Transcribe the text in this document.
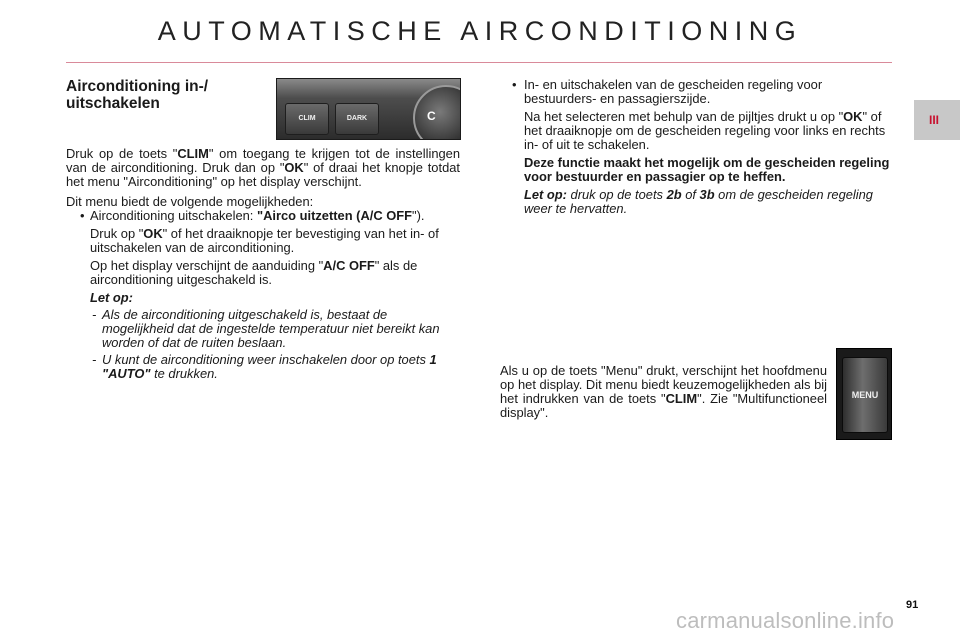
AUTOMATISCHE AIRCONDITIONING
III

Airconditioning in-/ uitschakelen

Druk op de toets "CLIM" om toegang te krijgen tot de instellingen van de airconditioning. Druk dan op "OK" of draai het knopje totdat het menu "Airconditioning" op het display verschijnt.

Dit menu biedt de volgende mogelijkheden:

• Airconditioning uitschakelen: "Airco uitzetten (A/C OFF").

Druk op "OK" of het draaiknopje ter bevestiging van het in- of uitschakelen van de airconditioning.

Op het display verschijnt de aanduiding "A/C OFF" als de airconditioning uitgeschakeld is.

Let op:

- Als de airconditioning uitgeschakeld is, bestaat de mogelijkheid dat de ingestelde temperatuur niet bereikt kan worden of dat de ruiten beslaan.

- U kunt de airconditioning weer inschakelen door op toets 1 "AUTO" te drukken.

CLIM	DARK	C

• In- en uitschakelen van de gescheiden regeling voor bestuurders- en passagierszijde.

Na het selecteren met behulp van de pijltjes drukt u op "OK" of het draaiknopje om de gescheiden regeling voor links en rechts in- of uit te schakelen.

Deze functie maakt het mogelijk om de gescheiden regeling voor bestuurder en passagier op te heffen.

Let op: druk op de toets 2b of 3b om de gescheiden regeling weer te hervatten.

Als u op de toets "Menu" drukt, verschijnt het hoofdmenu op het display. Dit menu biedt keuzemogelijkheden als bij het indrukken van de toets "CLIM". Zie "Multifunctioneel display".

MENU
91
carmanualsonline.info
